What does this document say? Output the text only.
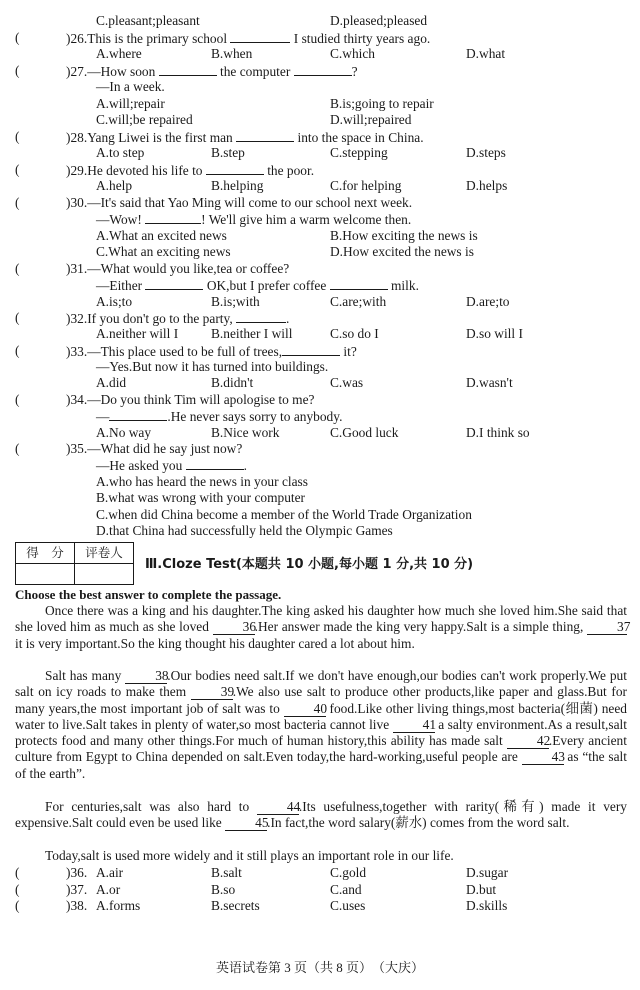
C.pleasant;pleasant	D.pleased;pleased
(	)26.This is the primary school	I studied thirty years ago.
A.where	B.when	C.which	D.what
(	)27.—How soon	the computer	?
—In a week.
A.will;repair	B.is;going to repair
C.will;be repaired	D.will;repaired
(	)28.Yang Liwei is the first man	into the space in China.
A.to step	B.step	C.stepping	D.steps
(	)29.He devoted his life to	the poor.
A.help	B.helping	C.for helping	D.helps
(	)30.—It's said that Yao Ming will come to our school next week.
—Wow!	! We'll give him a warm welcome then.
A.What an excited news	B.How exciting the news is
C.What an exciting news	D.How excited the news is
(	)31.—What would you like,tea or coffee?
—Either	OK,but I prefer coffee	milk.
A.is;to	B.is;with	C.are;with	D.are;to
(	)32.If you don't go to the party,	.
A.neither will I B.neither I will	C.so do I	D.so will I
(	)33.—This place used to be full of trees,	it?
—Yes.But now it has turned into buildings.
A.did	B.didn't	C.was	D.wasn't
(	)34.—Do you think Tim will apologise to me?
—	.He never says sorry to anybody.
A.No way	B.Nice work	C.Good luck	D.I think so
(	)35.—What did he say just now?
—He asked you	.
A.who has heard the news in your class
B.what was wrong with your computer
C.when did China become a member of the World Trade Organization
D.that China had successfully held the Olympic Games
得　分	评卷人

Ⅲ.Cloze Test(本题共 10 小题,每小题 1 分,共 10 分)
Choose the best answer to complete the passage.
Once there was a king and his daughter.The king asked his daughter how much she loved him.She said that she loved him as much as she loved	36.Her answer made the king very happy.Salt is a simple thing,	37 it is very important.So the king thought his daughter cared a lot about him.
Salt has many	38.Our bodies need salt.If we don't have enough,our bodies can't work properly.We put salt on icy roads to make them	39.We also use salt to produce other products,like paper and glass.But for many years,the most important job of salt was to	40 food.Like other living things,most bacteria(细菌) need water to live.Salt takes in plenty of water,so most bacteria cannot live	41 a salty environment.As a result,salt protects food and many other things.For much of human history,this ability has made salt	42.Every ancient culture from Egypt to China depended on salt.Even today,the hard-working,useful people are	43 as “the salt of the earth”.
For centuries,salt was also hard to	44.Its usefulness,together with rarity(稀有) made it very expensive.Salt could even be used like 45.In fact,the word salary(薪水) comes from the word salt.
Today,salt is used more widely and it still plays an important role in our life.
(	)36. A.air	B.salt	C.gold	D.sugar
(	)37. A.or	B.so	C.and	D.but
(	)38. A.forms	B.secrets	C.uses	D.skills
英语试卷第 3 页（共 8 页）　（大庆）
